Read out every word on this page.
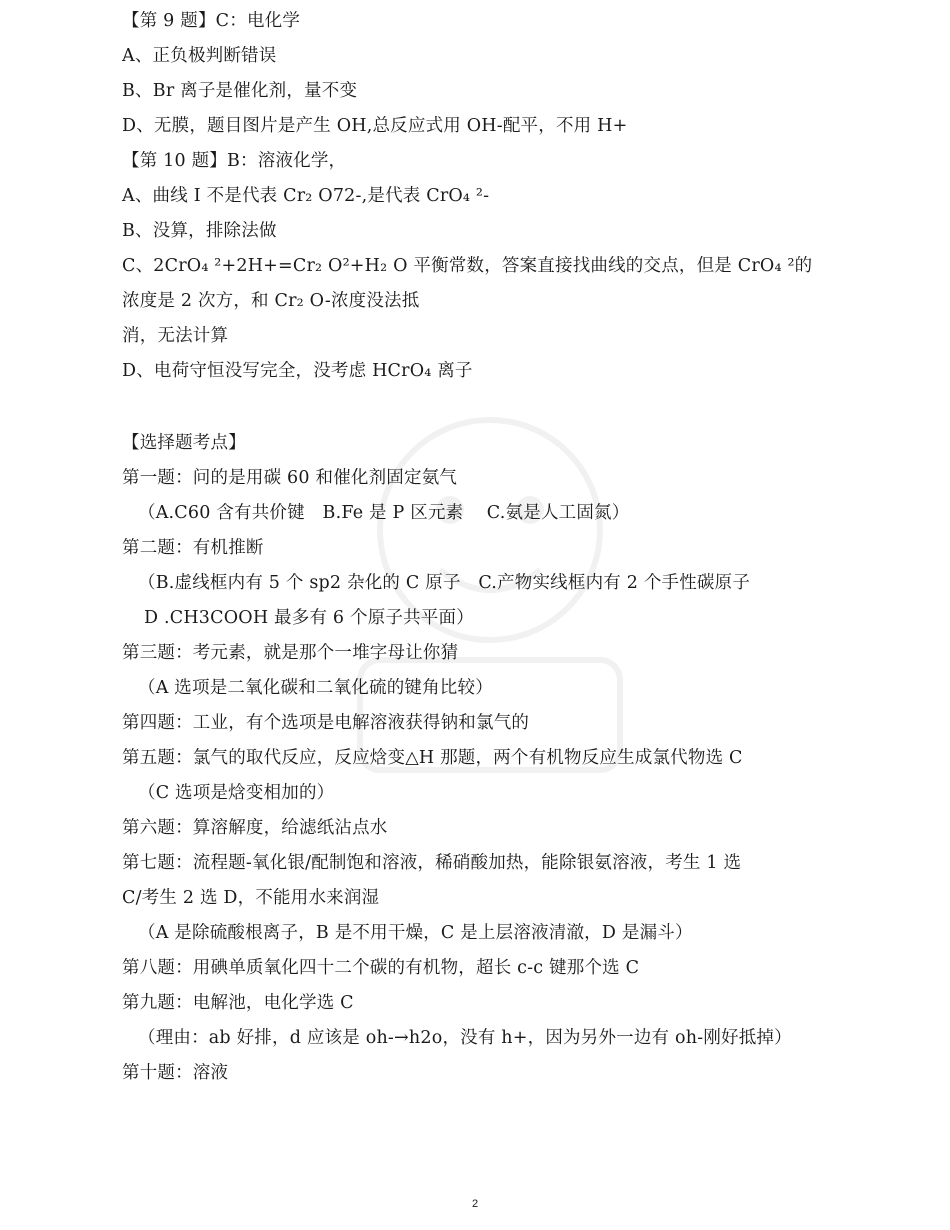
【第 9 题】C：电化学

A、正负极判断错误

B、Br 离子是催化剂，量不变

D、无膜，题目图片是产生 OH,总反应式用 OH-配平，不用 H+

【第 10 题】B：溶液化学，

A、曲线 I 不是代表 Cr₂ O72-,是代表 CrO₄ ²-

B、没算，排除法做

C、2CrO₄ ²+2H+=Cr₂ O²+H₂ O 平衡常数，答案直接找曲线的交点，但是 CrO₄ ²的

浓度是 2 次方，和 Cr₂ O-浓度没法抵

消，无法计算

D、电荷守恒没写完全，没考虑 HCrO₄ 离子

【选择题考点】

第一题：问的是用碳 60 和催化剂固定氨气

（A.C60 含有共价键　B.Fe 是 P 区元素　 C.氨是人工固氮）

第二题：有机推断

（B.虚线框内有 5 个 sp2 杂化的 C 原子　C.产物实线框内有 2 个手性碳原子

D .CH3COOH 最多有 6 个原子共平面）

第三题：考元素，就是那个一堆字母让你猜

（A 选项是二氧化碳和二氧化硫的键角比较）

第四题：工业，有个选项是电解溶液获得钠和氯气的

第五题：氯气的取代反应，反应焓变△H 那题，两个有机物反应生成氯代物选 C

（C 选项是焓变相加的）

第六题：算溶解度，给滤纸沾点水

第七题：流程题-氧化银/配制饱和溶液，稀硝酸加热，能除银氨溶液，考生 1 选

C/考生 2 选 D，不能用水来润湿

（A 是除硫酸根离子，B 是不用干燥，C 是上层溶液清澈，D 是漏斗）

第八题：用碘单质氧化四十二个碳的有机物，超长 c-c 键那个选 C

第九题：电解池，电化学选 C

（理由：ab 好排，d 应该是 oh-→h2o，没有 h+，因为另外一边有 oh-刚好抵掉）

第十题：溶液

2
